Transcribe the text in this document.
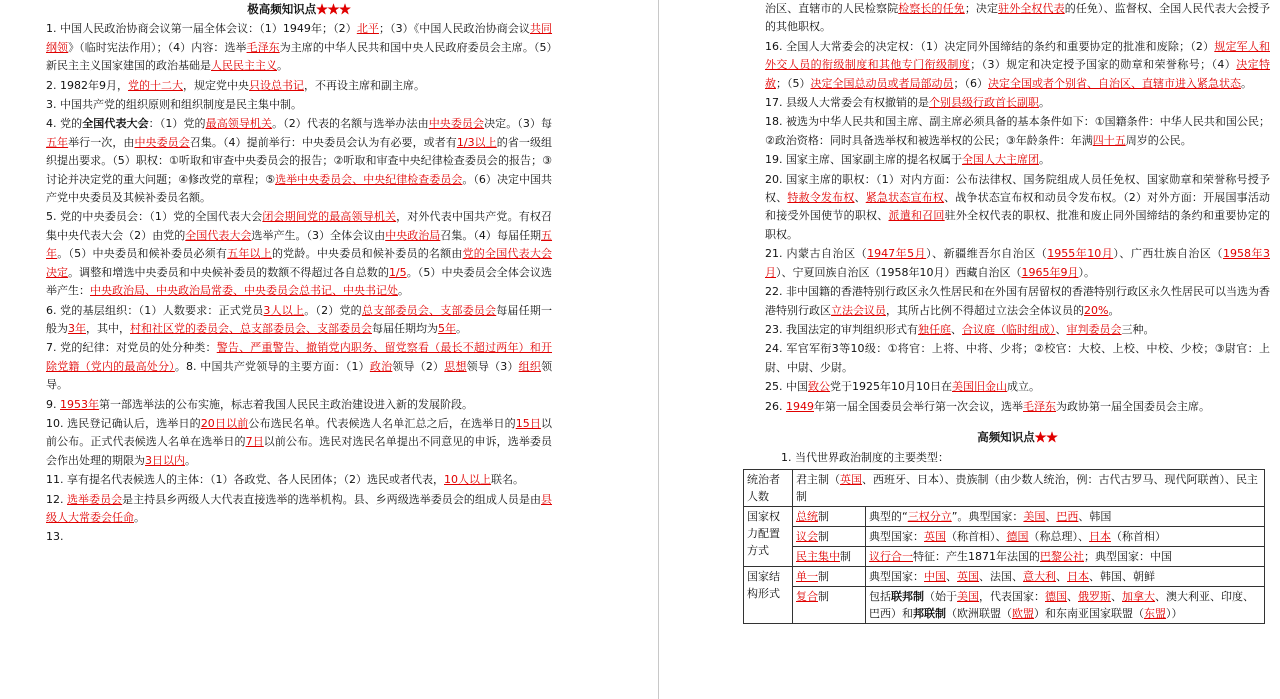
极高频知识点★★★
1. 中国人民政治协商会议第一届全体会议：（1）1949年；（2）北平；（3）《中国人民政治协商会议共同纲领》（临时宪法作用）；（4）内容：选举毛泽东为主席的中华人民共和国中央人民政府委员会主席。（5）新民主主义国家建国的政治基础是人民民主主义。
2. 1982年9月，党的十二大，规定党中央只设总书记，不再设主席和副主席。
3. 中国共产党的组织原则和组织制度是民主集中制。
4. 党的全国代表大会：（1）党的最高领导机关。（2）代表的名额与选举办法由中央委员会决定。（3）每五年举行一次，由中央委员会召集。（4）提前举行：中央委员会认为有必要，或者有1/3以上的省一级组织提出要求。（5）职权：①听取和审查中央委员会的报告；②听取和审查中央纪律检查委员会的报告；③讨论并决定党的重大问题；④修改党的章程；⑤选举中央委员会、中央纪律检查委员会。（6）决定中国共产党中央委员及其候补委员名额。
5. 党的中央委员会：（1）党的全国代表大会闭会期间党的最高领导机关，对外代表中国共产党。有权召集中央代表大会（2）由党的全国代表大会选举产生。（3）全体会议由中央政治局召集。（4）每届任期五年。（5）中央委员和候补委员必须有五年以上的党龄。中央委员和候补委员的名额由党的全国代表大会决定。调整和增选中央委员和中央候补委员的数额不得超过各自总数的1/5。（5）中央委员会全体会议选举产生：中央政治局、中央政治局常委、中央委员会总书记、中央书记处。
6. 党的基层组织：（1）人数要求：正式党员3人以上。（2）党的总支部委员会、支部委员会每届任期一般为3年，其中，村和社区党的委员会、总支部委员会、支部委员会每届任期均为5年。
7. 党的纪律：对党员的处分种类：警告、严重警告、撤销党内职务、留党察看（最长不超过两年）和开除党籍（党内的最高处分）。8. 中国共产党领导的主要方面：（1）政治领导（2）思想领导（3）组织领导。
9. 1953年第一部选举法的公布实施，标志着我国人民民主政治建设进入新的发展阶段。
10. 选民登记确认后，选举日的20日以前公布选民名单。代表候选人名单汇总之后，在选举日的15日以前公布。正式代表候选人名单在选举日的7日以前公布。选民对选民名单提出不同意见的申诉，选举委员会作出处理的期限为3日以内。
11. 享有提名代表候选人的主体：（1）各政党、各人民团体；（2）选民或者代表，10人以上联名。
12. 选举委员会是主持县乡两级人大代表直接选举的选举机构。县、乡两级选举委员会的组成人员是由县级人大常委会任命。
13.
治区、直辖市的人民检察院检察长的任免；决定驻外全权代表的任免）、监督权、全国人民代表大会授予的其他职权。
16. 全国人大常委会的决定权：（1）决定同外国缔结的条约和重要协定的批准和废除；（2）规定军人和外交人员的衔级制度和其他专门衔级制度；（3）规定和决定授予国家的勋章和荣誉称号；（4）决定特赦；（5）决定全国总动员或者局部动员；（6）决定全国或者个别省、自治区、直辖市进入紧急状态。
17. 县级人大常委会有权撤销的是个别县级行政首长副职。
18. 被选为中华人民共和国主席、副主席必须具备的基本条件如下：①国籍条件：中华人民共和国公民；②政治资格：同时具备选举权和被选举权的公民；③年龄条件：年满四十五周岁的公民。
19. 国家主席、国家副主席的提名权属于全国人大主席团。
20. 国家主席的职权：（1）对内方面：公布法律权、国务院组成人员任免权、国家勋章和荣誉称号授予权、特赦令发布权、紧急状态宣布权、战争状态宣布权和动员令发布权。（2）对外方面：开展国事活动和接受外国使节的职权、派遣和召回驻外全权代表的职权、批准和废止同外国缔结的条约和重要协定的职权。
21. 内蒙古自治区（1947年5月）、新疆维吾尔自治区（1955年10月）、广西壮族自治区（1958年3月）、宁夏回族自治区（1958年10月）西藏自治区（1965年9月）。
22. 非中国籍的香港特别行政区永久性居民和在外国有居留权的香港特别行政区永久性居民可以当选为香港特别行政区立法会议员，其所占比例不得超过立法会全体议员的20%。
23. 我国法定的审判组织形式有独任庭、合议庭（临时组成）、审判委员会三种。
24. 军官军衔3等10级：①将官：上将、中将、少将；②校官：大校、上校、中校、少校；③尉官：上尉、中尉、少尉。
25. 中国致公党于1925年10月10日在美国旧金山成立。
26. 1949年第一届全国委员会举行第一次会议，选举毛泽东为政协第一届全国委员会主席。
高频知识点★★
1. 当代世界政治制度的主要类型：
统治者人数	君主制（英国、西班牙、日本）、贵族制（由少数人统治，例：古代古罗马、现代阿联酋）、民主制	
国家权力配置方式	总统制	典型的“三权分立”。典型国家：美国、巴西、韩国
	议会制	典型国家：英国（称首相）、德国（称总理）、日本（称首相）
	民主集中制	议行合一特征：产生1871年法国的巴黎公社；典型国家：中国
国家结构形式	单一制	典型国家：中国、英国、法国、意大利、日本、韩国、朝鲜
	复合制	包括联邦制（始于美国，代表国家：德国、俄罗斯、加拿大、澳大利亚、印度、巴西）和邦联制（欧洲联盟（欧盟）和东南亚国家联盟（东盟））
